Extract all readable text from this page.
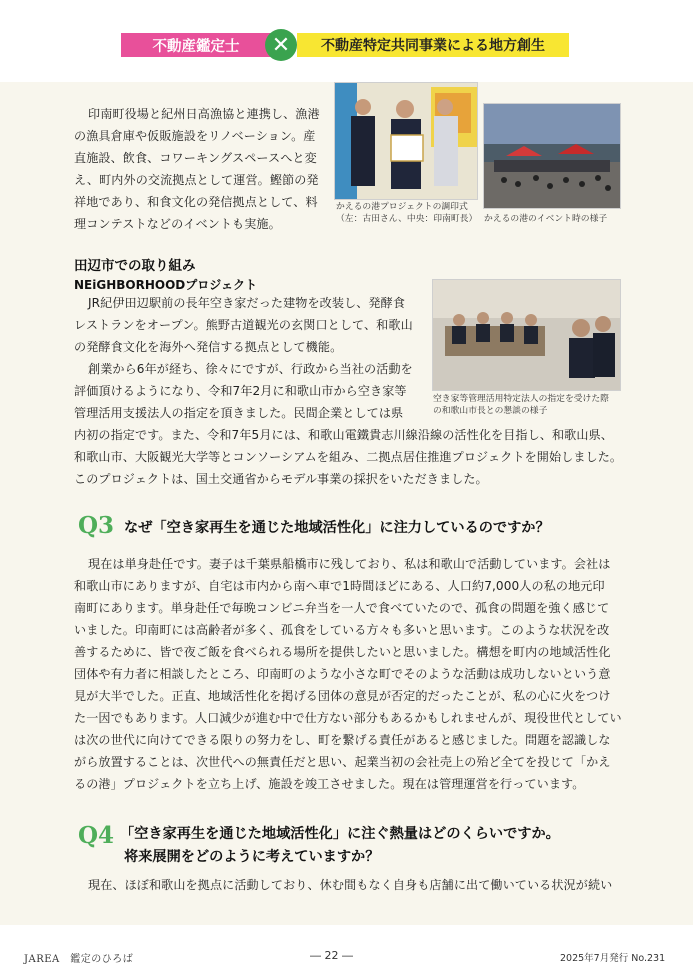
不動産鑑定士	✕	不動産特定共同事業による地方創生
印南町役場と紀州日高漁協と連携し、漁港
の漁具倉庫や仮販施設をリノベーション。産
直施設、飲食、コワーキングスペースへと変
え、町内外の交流拠点として運営。鰹節の発
祥地であり、和食文化の発信拠点として、料
理コンテストなどのイベントも実施。
かえるの港プロジェクトの調印式
（左：古田さん、中央：印南町長） かえるの港のイベント時の様子
田辺市での取り組み
NEiGHBORHOODプロジェクト
JR紀伊田辺駅前の長年空き家だった建物を改装し、発酵食
レストランをオープン。熊野古道観光の玄関口として、和歌山
の発酵食文化を海外へ発信する拠点として機能。
創業から6年が経ち、徐々にですが、行政から当社の活動を
評価頂けるようになり、令和7年2月に和歌山市から空き家等
管理活用支援法人の指定を頂きました。民間企業としては県
内初の指定です。また、令和7年5月には、和歌山電鐵貴志川線沿線の活性化を目指し、和歌山県、
和歌山市、大阪観光大学等とコンソーシアムを組み、二拠点居住推進プロジェクトを開始しました。
このプロジェクトは、国土交通省からモデル事業の採択をいただきました。
空き家等管理活用特定法人の指定を受けた際
の和歌山市長との懇談の様子
Q3 なぜ「空き家再生を通じた地域活性化」に注力しているのですか？
現在は単身赴任です。妻子は千葉県船橋市に残しており、私は和歌山で活動しています。会社は
和歌山市にありますが、自宅は市内から南へ車で1時間ほどにある、人口約7,000人の私の地元印
南町にあります。単身赴任で毎晩コンビニ弁当を一人で食べていたので、孤食の問題を強く感じて
いました。印南町には高齢者が多く、孤食をしている方々も多いと思います。このような状況を改
善するために、皆で夜ご飯を食べられる場所を提供したいと思いました。構想を町内の地域活性化
団体や有力者に相談したところ、印南町のような小さな町でそのような活動は成功しないという意
見が大半でした。正直、地域活性化を掲げる団体の意見が否定的だったことが、私の心に火をつけ
た一因でもあります。人口減少が進む中で仕方ない部分もあるかもしれませんが、現役世代としてい
は次の世代に向けてできる限りの努力をし、町を繋げる責任があると感じました。問題を認識しな
がら放置することは、次世代への無責任だと思い、起業当初の会社売上の殆ど全てを投じて「かえ
るの港」プロジェクトを立ち上げ、施設を竣工させました。現在は管理運営を行っています。
Q4 「空き家再生を通じた地域活性化」に注ぐ熱量はどのくらいですか。
将来展開をどのように考えていますか？
現在、ほぼ和歌山を拠点に活動しており、休む間もなく自身も店舗に出て働いている状況が続い
JAREA　鑑定のひろば	― 22 ―	2025年7月発行 No.231
